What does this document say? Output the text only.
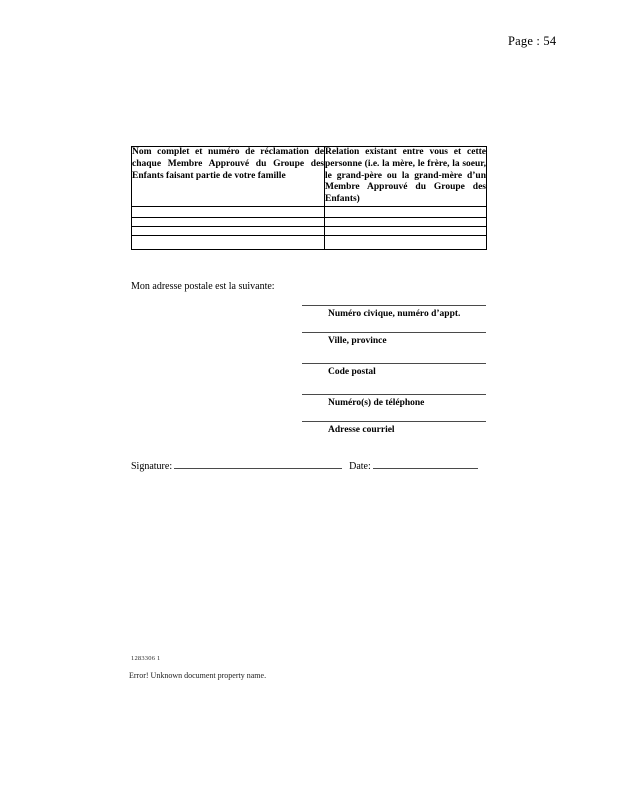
Page : 54
Nom complet et numéro de réclamation de chaque Membre Approuvé du Groupe des Enfants faisant partie de votre famille	Relation existant entre vous et cette personne (i.e. la mère, le frère, la soeur, le grand-père ou la grand-mère d’un Membre Approuvé du Groupe des Enfants)

Mon adresse postale est la suivante:
Numéro civique, numéro d’appt.
Ville, province
Code postal
Numéro(s) de téléphone
Adresse courriel
Signature:	Date:
1283306 1
Error! Unknown document property name.
